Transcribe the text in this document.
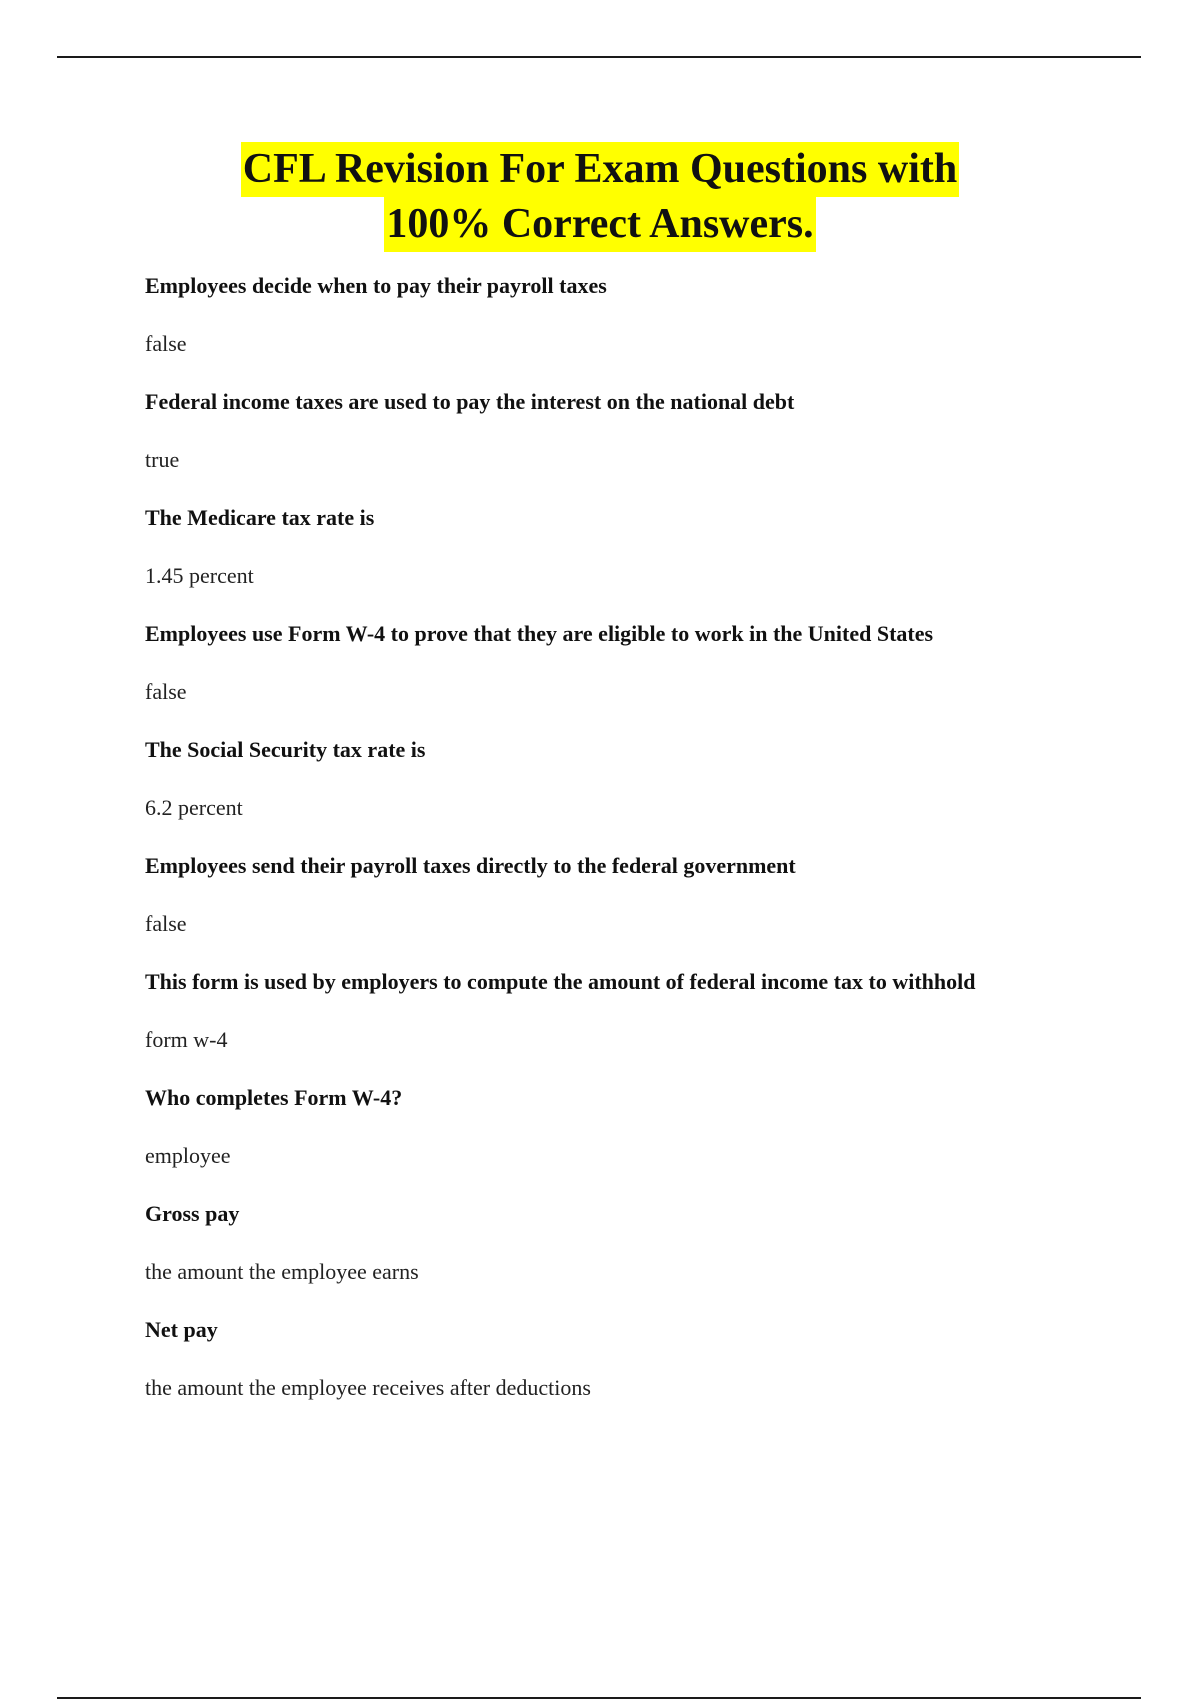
CFL Revision For Exam Questions with
100% Correct Answers.
Employees decide when to pay their payroll taxes
false
Federal income taxes are used to pay the interest on the national debt
true
The Medicare tax rate is
1.45 percent
Employees use Form W-4 to prove that they are eligible to work in the United States
false
The Social Security tax rate is
6.2 percent
Employees send their payroll taxes directly to the federal government
false
This form is used by employers to compute the amount of federal income tax to withhold
form w-4
Who completes Form W-4?
employee
Gross pay
the amount the employee earns
Net pay
the amount the employee receives after deductions
